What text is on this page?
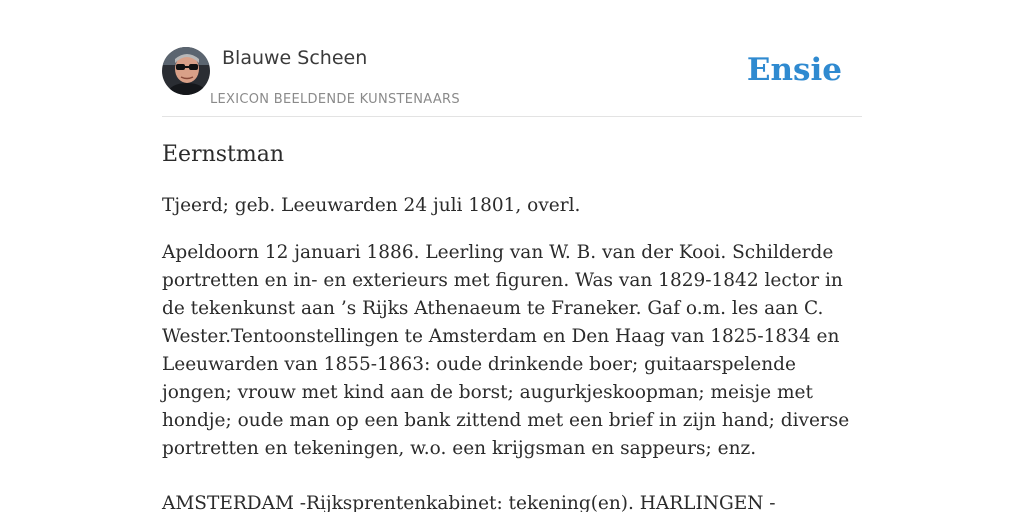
Blauwe Scheen
LEXICON BEELDENDE KUNSTENAARS
Ensie
Eernstman

Tjeerd; geb. Leeuwarden 24 juli 1801, overl.

Apeldoorn 12 januari 1886. Leerling van W. B. van der Kooi. Schilderde portretten en in- en exterieurs met figuren. Was van 1829-1842 lector in de tekenkunst aan ’s Rijks Athenaeum te Franeker. Gaf o.m. les aan C. Wester.Tentoonstellingen te Amsterdam en Den Haag van 1825-1834 en Leeuwarden van 1855-1863: oude drinkende boer; guitaarspelende jongen; vrouw met kind aan de borst; augurkjeskoopman; meisje met hondje; oude man op een bank zittend met een brief in zijn hand; diverse portretten en tekeningen, w.o. een krijgsman en sappeurs; enz.

AMSTERDAM -Rijksprentenkabinet: tekening(en). HARLINGEN -
